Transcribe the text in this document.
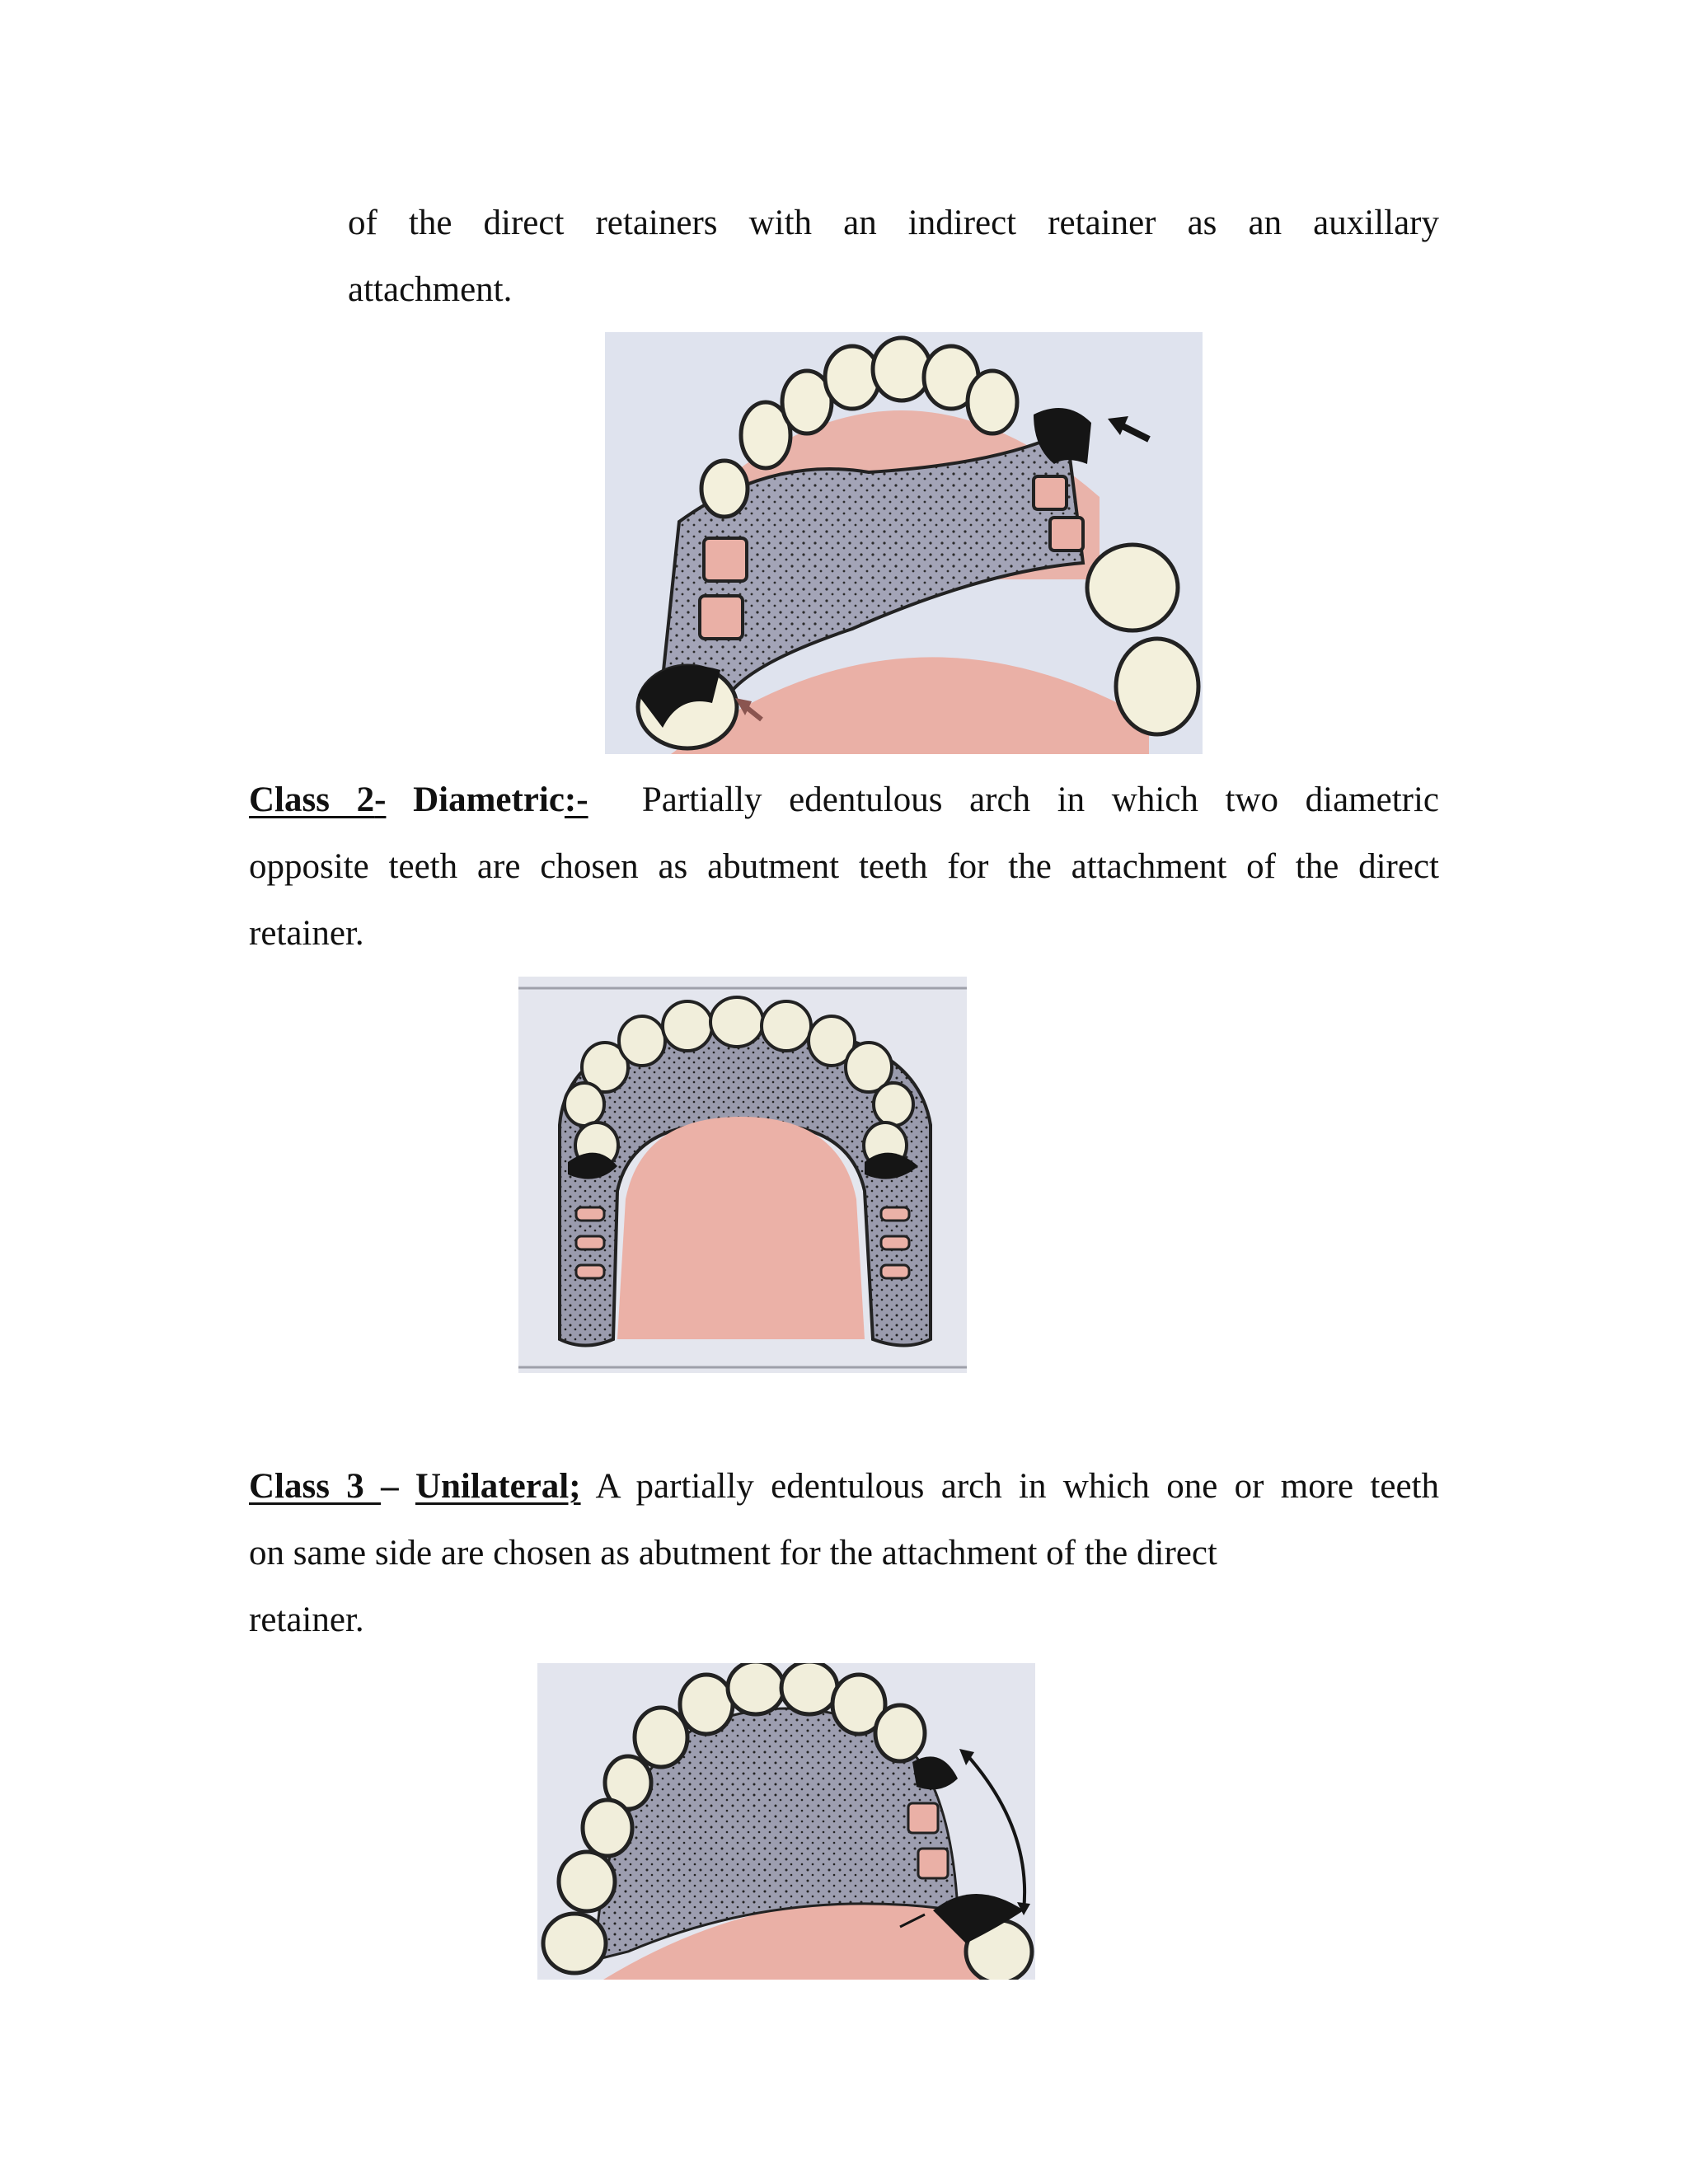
of the direct retainers with an indirect retainer as an auxillary
attachment.
Class 2- Diametric:- Partially edentulous arch in which two diametric
opposite teeth are chosen as abutment teeth for the attachment of the direct
retainer.
Class 3 – Unilateral; A partially edentulous arch in which one or more teeth
on same side are chosen as abutment for the attachment of the direct
retainer.
